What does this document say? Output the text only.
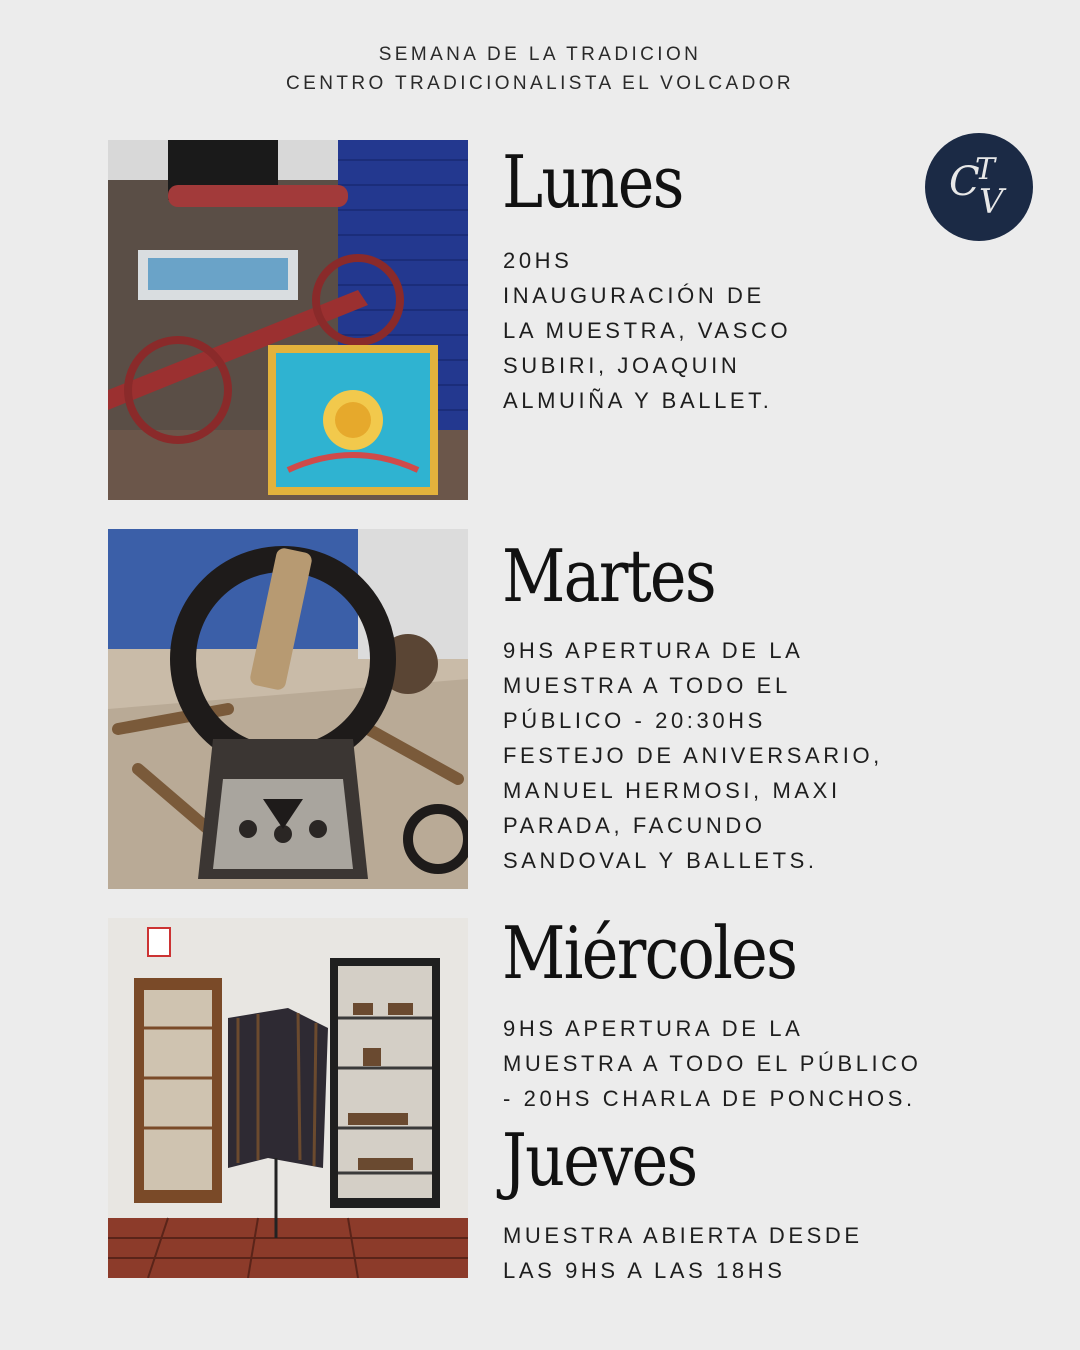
SEMANA DE LA TRADICION
CENTRO TRADICIONALISTA EL VOLCADOR
C
T
V
Lunes
20HS
INAUGURACIÓN DE
LA MUESTRA, VASCO
SUBIRI, JOAQUIN
ALMUIÑA Y BALLET.
Martes
9HS APERTURA DE LA
MUESTRA A TODO EL
PÚBLICO - 20:30HS
FESTEJO DE ANIVERSARIO,
MANUEL HERMOSI, MAXI
PARADA, FACUNDO
SANDOVAL Y BALLETS.
Miércoles
9HS APERTURA DE LA
MUESTRA A TODO EL PÚBLICO
- 20HS CHARLA DE PONCHOS.
Jueves
MUESTRA ABIERTA DESDE
LAS 9HS A LAS 18HS
